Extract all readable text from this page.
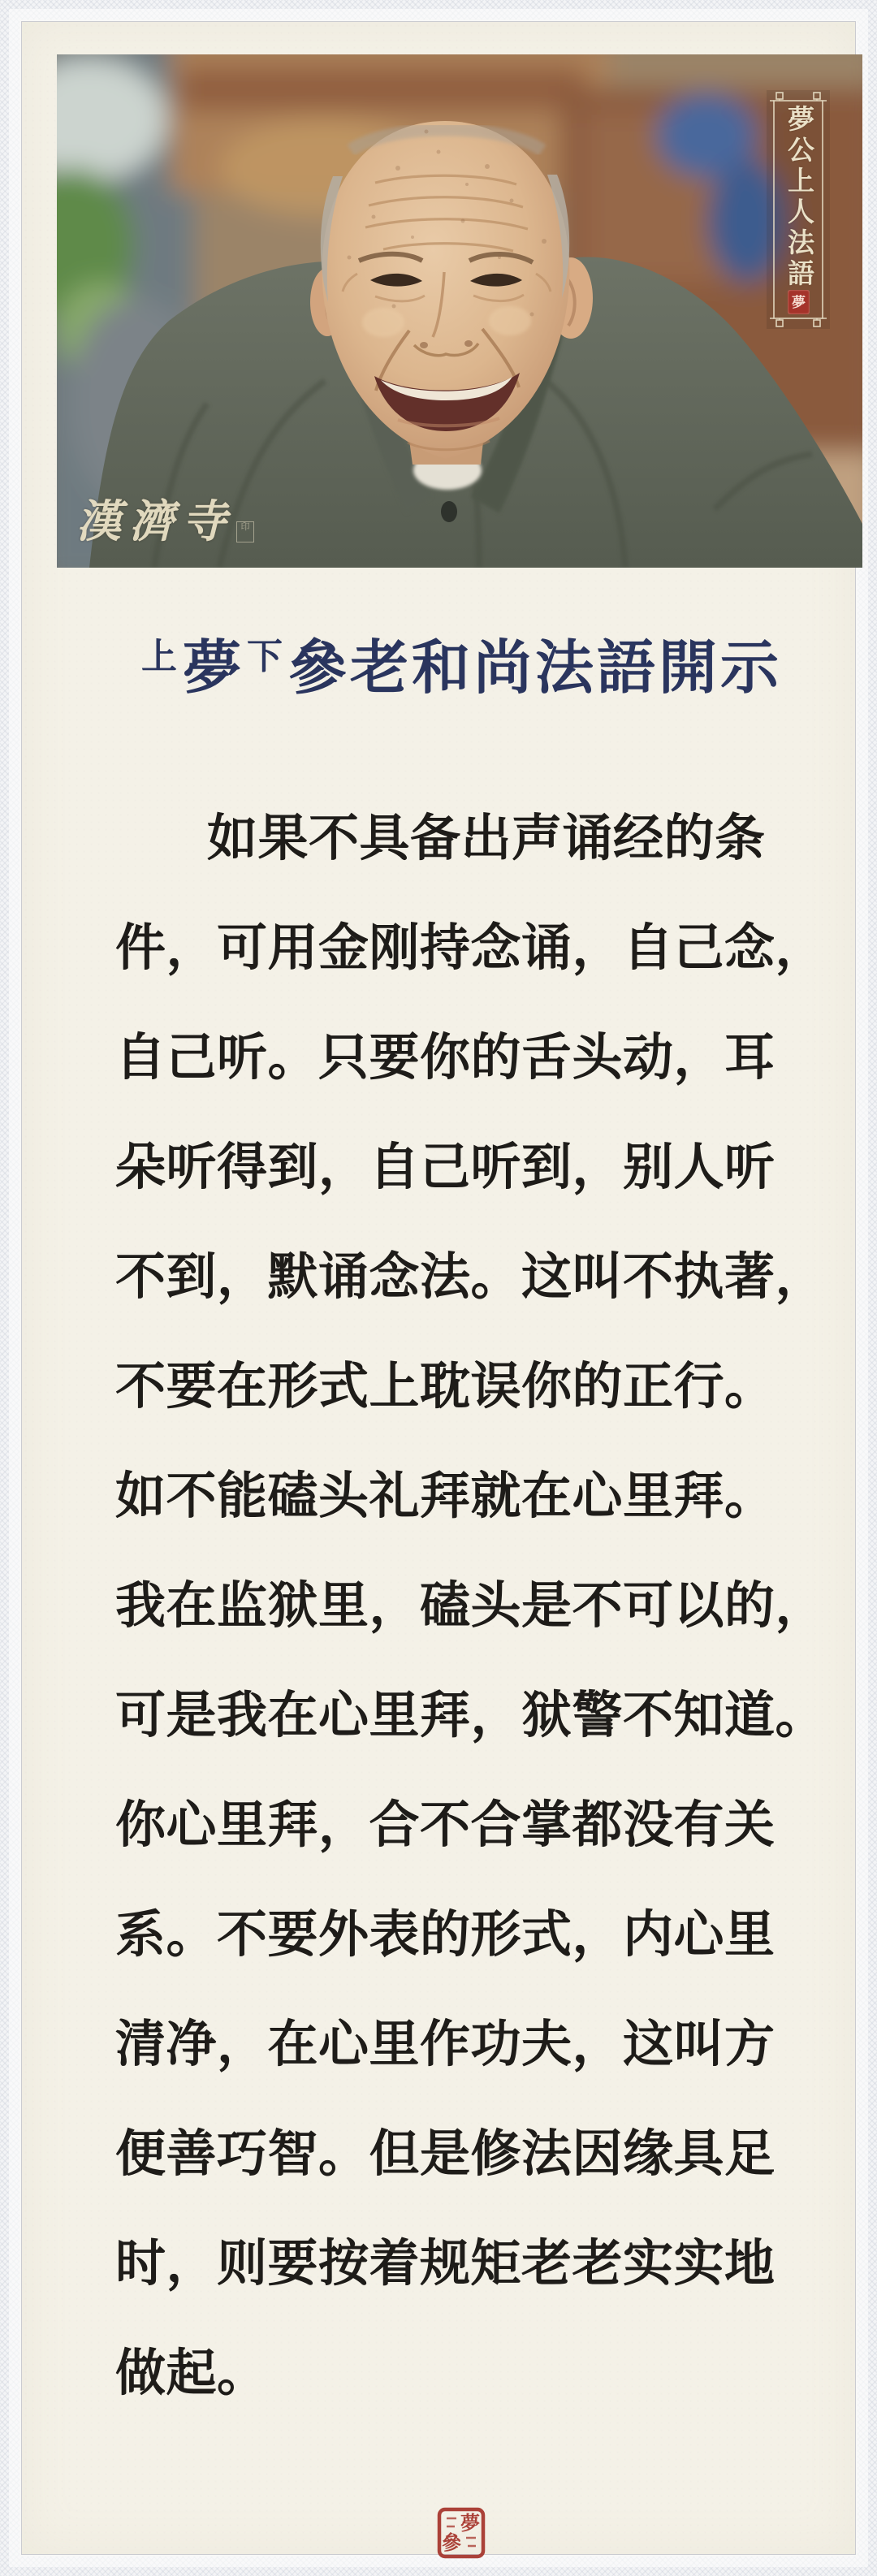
夢公上人法語
夢
漢濟寺 印
上 夢 下 參老和尚法語開示
如果不具备出声诵经的条
件，可用金刚持念诵，自己念，
自己听。只要你的舌头动，耳
朵听得到，自己听到，别人听
不到，默诵念法。这叫不执著，
不要在形式上耽误你的正行。
如不能磕头礼拜就在心里拜。
我在监狱里，磕头是不可以的，
可是我在心里拜，狱警不知道。
你心里拜，合不合掌都没有关
系。不要外表的形式，内心里
清净，在心里作功夫，这叫方
便善巧智。但是修法因缘具足
时，则要按着规矩老老实实地
做起。
夢
參
